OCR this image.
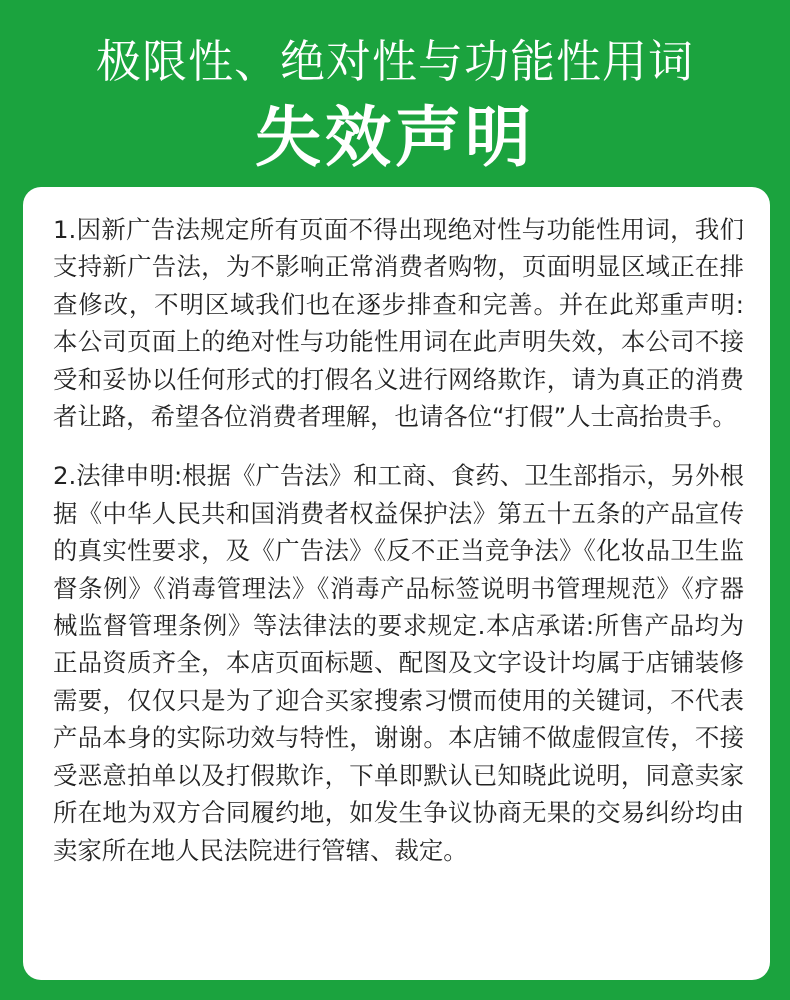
极限性、绝对性与功能性用词
失效声明

1.因新广告法规定所有页面不得出现绝对性与功能性用词，我们支持新广告法，为不影响正常消费者购物，页面明显区域正在排查修改，不明区域我们也在逐步排查和完善。并在此郑重声明:本公司页面上的绝对性与功能性用词在此声明失效，本公司不接受和妥协以任何形式的打假名义进行网络欺诈，请为真正的消费者让路，希望各位消费者理解，也请各位“打假”人士高抬贵手。

2.法律申明:根据《广告法》和工商、食药、卫生部指示，另外根据《中华人民共和国消费者权益保护法》第五十五条的产品宣传的真实性要求，及《广告法》《反不正当竞争法》《化妆品卫生监督条例》《消毒管理法》《消毒产品标签说明书管理规范》《疗器械监督管理条例》等法律法的要求规定.本店承诺:所售产品均为正品资质齐全，本店页面标题、配图及文字设计均属于店铺装修需要，仅仅只是为了迎合买家搜索习惯而使用的关键词，不代表产品本身的实际功效与特性，谢谢。本店铺不做虚假宣传，不接受恶意拍单以及打假欺诈，下单即默认已知晓此说明，同意卖家所在地为双方合同履约地，如发生争议协商无果的交易纠纷均由卖家所在地人民法院进行管辖、裁定。
